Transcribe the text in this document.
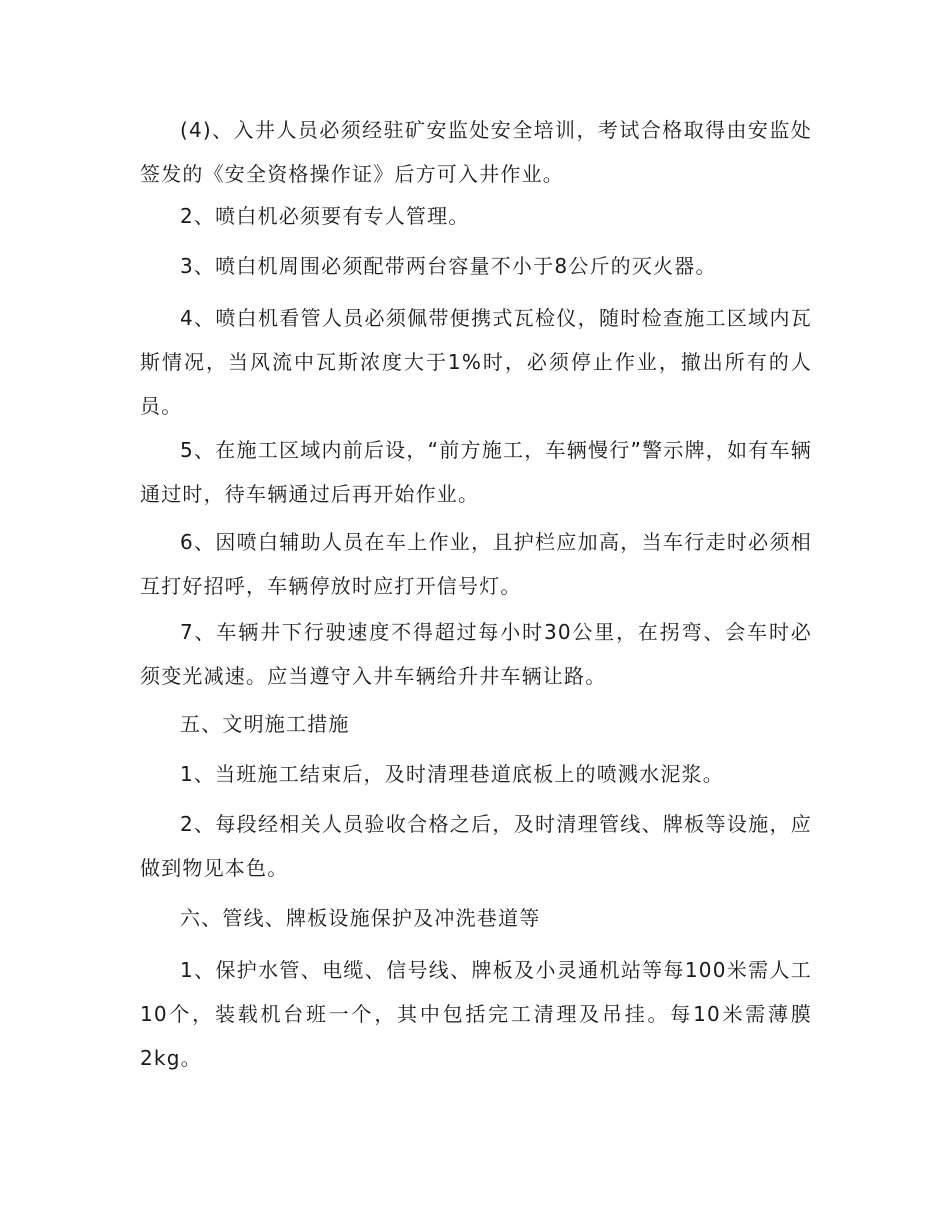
(4)、入井人员必须经驻矿安监处安全培训，考试合格取得由安监处签发的《安全资格操作证》后方可入井作业。

2、喷白机必须要有专人管理。

3、喷白机周围必须配带两台容量不小于8公斤的灭火器。

4、喷白机看管人员必须佩带便携式瓦检仪，随时检查施工区域内瓦斯情况，当风流中瓦斯浓度大于1%时，必须停止作业，撤出所有的人员。

5、在施工区域内前后设，“前方施工，车辆慢行”警示牌，如有车辆通过时，待车辆通过后再开始作业。

6、因喷白辅助人员在车上作业，且护栏应加高，当车行走时必须相互打好招呼，车辆停放时应打开信号灯。

7、车辆井下行驶速度不得超过每小时30公里，在拐弯、会车时必须变光减速。应当遵守入井车辆给升井车辆让路。

五、文明施工措施

1、当班施工结束后，及时清理巷道底板上的喷溅水泥浆。

2、每段经相关人员验收合格之后，及时清理管线、牌板等设施，应做到物见本色。

六、管线、牌板设施保护及冲洗巷道等

1、保护水管、电缆、信号线、牌板及小灵通机站等每100米需人工10个，装载机台班一个，其中包括完工清理及吊挂。每10米需薄膜2kg。
